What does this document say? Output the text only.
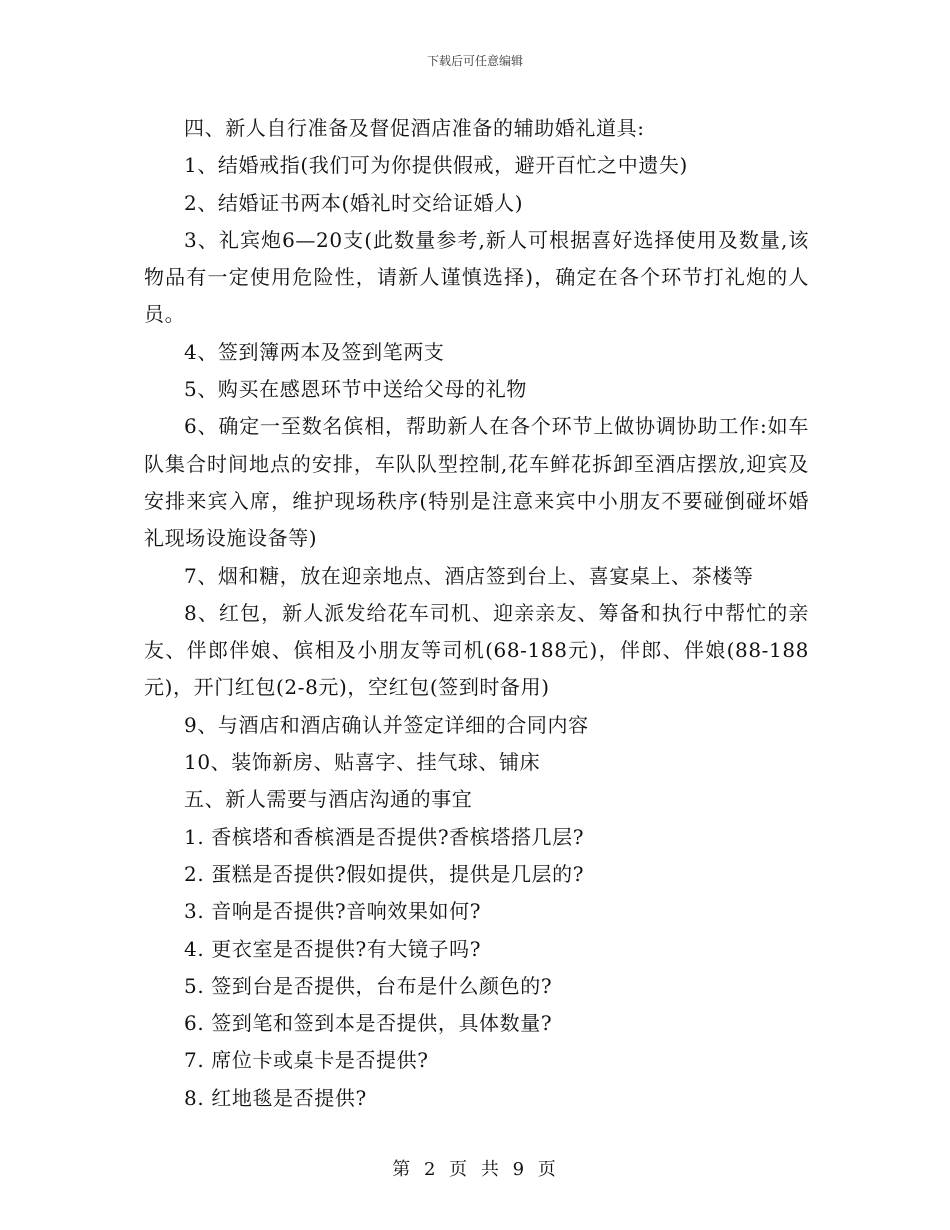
下载后可任意编辑

四、新人自行准备及督促酒店准备的辅助婚礼道具:

1、结婚戒指(我们可为你提供假戒，避开百忙之中遗失)

2、结婚证书两本(婚礼时交给证婚人)

3、礼宾炮6—20支(此数量参考,新人可根据喜好选择使用及数量,该物品有一定使用危险性，请新人谨慎选择)，确定在各个环节打礼炮的人员。

4、签到簿两本及签到笔两支

5、购买在感恩环节中送给父母的礼物

6、确定一至数名傧相，帮助新人在各个环节上做协调协助工作:如车队集合时间地点的安排，车队队型控制,花车鲜花拆卸至酒店摆放,迎宾及安排来宾入席，维护现场秩序(特别是注意来宾中小朋友不要碰倒碰坏婚礼现场设施设备等)

7、烟和糖，放在迎亲地点、酒店签到台上、喜宴桌上、茶楼等

8、红包，新人派发给花车司机、迎亲亲友、筹备和执行中帮忙的亲友、伴郎伴娘、傧相及小朋友等司机(68-188元)，伴郎、伴娘(88-188元)，开门红包(2-8元)，空红包(签到时备用)

9、与酒店和酒店确认并签定详细的合同内容

10、装饰新房、贴喜字、挂气球、铺床

五、新人需要与酒店沟通的事宜

1. 香槟塔和香槟酒是否提供?香槟塔搭几层?

2. 蛋糕是否提供?假如提供，提供是几层的?

3. 音响是否提供?音响效果如何?

4. 更衣室是否提供?有大镜子吗?

5. 签到台是否提供，台布是什么颜色的?

6. 签到笔和签到本是否提供，具体数量?

7. 席位卡或桌卡是否提供?

8. 红地毯是否提供?

第 2 页 共 9 页
